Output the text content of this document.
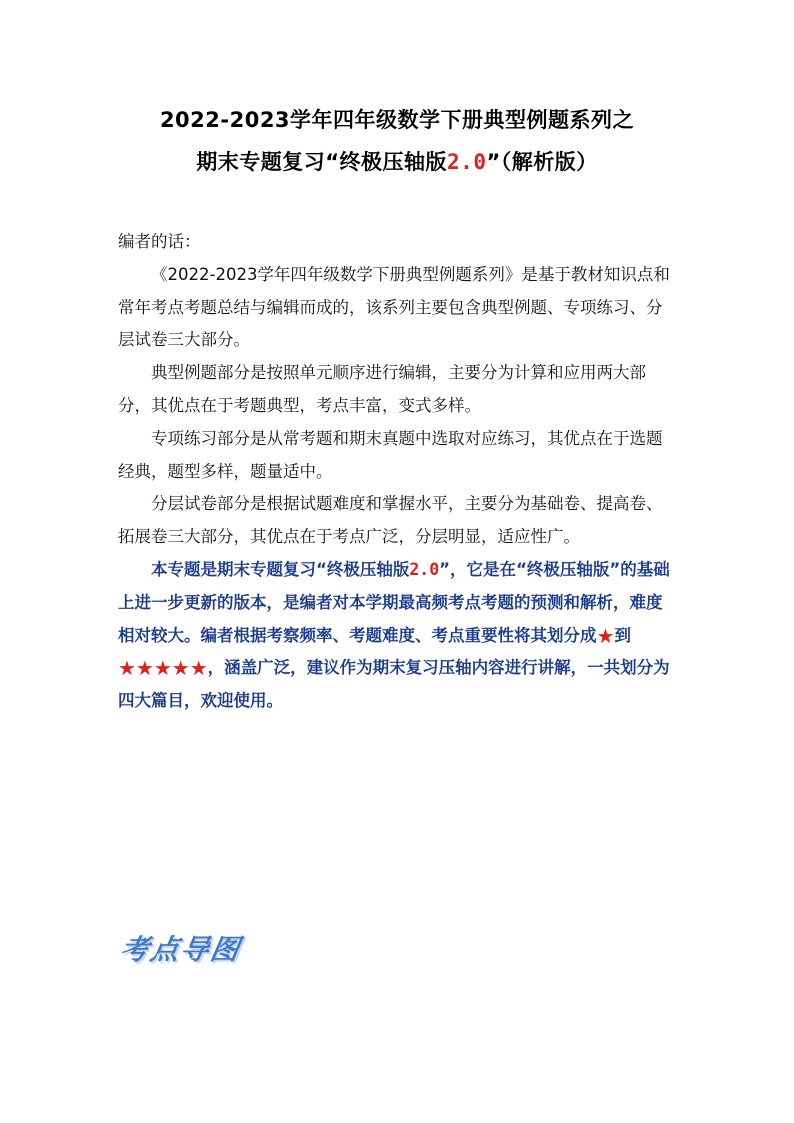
2022-2023学年四年级数学下册典型例题系列之
期末专题复习“终极压轴版2.0”（解析版）

编者的话：

《2022-2023学年四年级数学下册典型例题系列》是基于教材知识点和常年考点考题总结与编辑而成的，该系列主要包含典型例题、专项练习、分层试卷三大部分。

典型例题部分是按照单元顺序进行编辑，主要分为计算和应用两大部分，其优点在于考题典型，考点丰富，变式多样。

专项练习部分是从常考题和期末真题中选取对应练习，其优点在于选题经典，题型多样，题量适中。

分层试卷部分是根据试题难度和掌握水平，主要分为基础卷、提高卷、拓展卷三大部分，其优点在于考点广泛，分层明显，适应性广。

本专题是期末专题复习“终极压轴版2.0”，它是在“终极压轴版”的基础上进一步更新的版本，是编者对本学期最高频考点考题的预测和解析，难度相对较大。编者根据考察频率、考题难度、考点重要性将其划分成★到★★★★★，涵盖广泛，建议作为期末复习压轴内容进行讲解，一共划分为四大篇目，欢迎使用。

考点导图
